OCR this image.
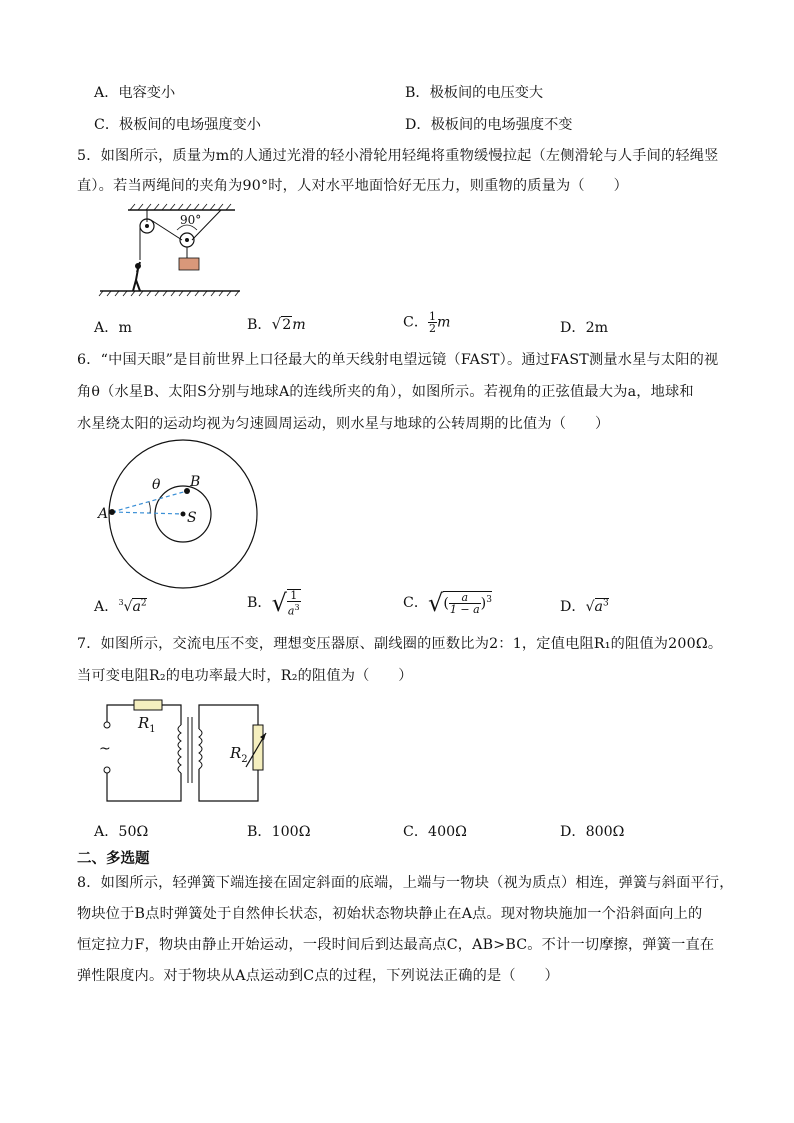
A．电容变小	B．极板间的电压变大
C．极板间的电场强度变小	D．极板间的电场强度不变
5．如图所示，质量为m的人通过光滑的轻小滑轮用轻绳将重物缓慢拉起（左侧滑轮与人手间的轻绳竖
直）。若当两绳间的夹角为90°时，人对水平地面恰好无压力，则重物的质量为（　　）
90°
A．m	B．√2m	C． $\frac{1}{2}$ m	D．2m
6．“中国天眼”是目前世界上口径最大的单天线射电望远镜（FAST）。通过FAST测量水星与太阳的视
角θ（水星B、太阳S分别与地球A的连线所夹的角），如图所示。若视角的正弦值最大为a，地球和
水星绕太阳的运动均视为匀速圆周运动，则水星与地球的公转周期的比值为（　　）
A
B
S
θ
A．$^3√a^2$	B．√ $\frac{1}{a^3}$	C．√( $\frac{a}{1 - a} )^3$	D．$√a^3$
7．如图所示，交流电压不变，理想变压器原、副线圈的匝数比为2：1，定值电阻R₁的阻值为200Ω。
当可变电阻R₂的电功率最大时，R₂的阻值为（　　）
~
$R_1$
$R_2$
A．50Ω	B．100Ω	C．400Ω	D．800Ω
二、多选题
8．如图所示，轻弹簧下端连接在固定斜面的底端，上端与一物块（视为质点）相连，弹簧与斜面平行，
物块位于B点时弹簧处于自然伸长状态，初始状态物块静止在A点。现对物块施加一个沿斜面向上的
恒定拉力F，物块由静止开始运动，一段时间后到达最高点C，AB>BC。不计一切摩擦，弹簧一直在
弹性限度内。对于物块从A点运动到C点的过程，下列说法正确的是（　　）
